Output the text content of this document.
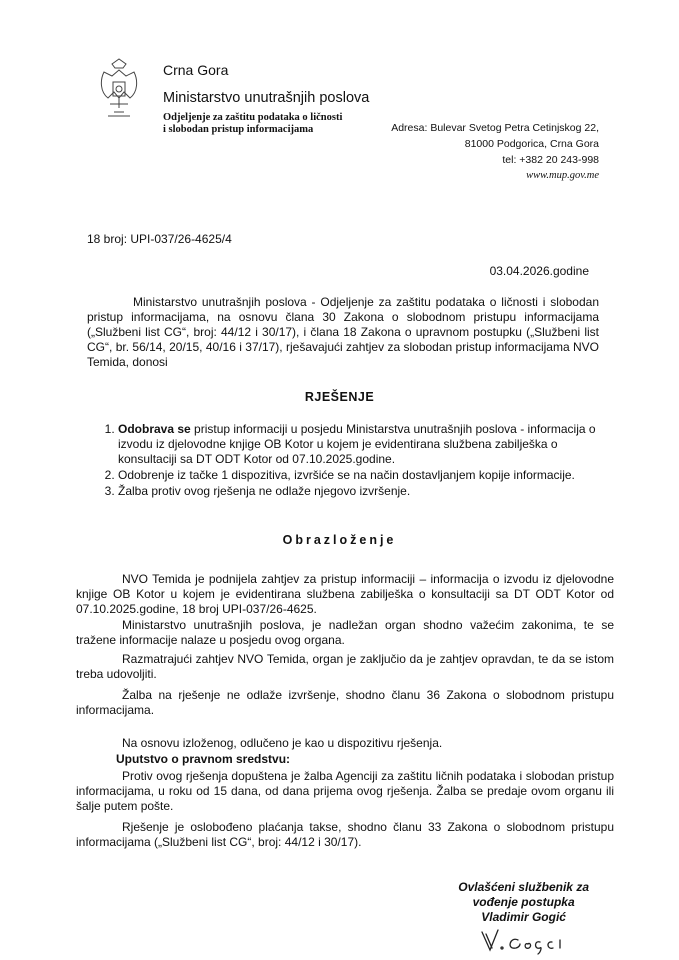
Crna Gora
Ministarstvo unutrašnjih poslova
Odjeljenje za zaštitu podataka o ličnosti
i slobodan pristup informacijama	Adresa: Bulevar Svetog Petra Cetinjskog 22,
81000 Podgorica, Crna Gora
tel: +382 20 243-998
www.mup.gov.me
18 broj: UPI-037/26-4625/4
03.04.2026.godine
Ministarstvo unutrašnjih poslova - Odjeljenje za zaštitu podataka o ličnosti i slobodan pristup informacijama, na osnovu člana 30 Zakona o slobodnom pristupu informacijama („Službeni list CG“, broj: 44/12 i 30/17), i člana 18 Zakona o upravnom postupku („Službeni list CG“, br. 56/14, 20/15, 40/16 i 37/17), rješavajući zahtjev za slobodan pristup informacijama NVO Temida, donosi
RJEŠENJE
1. Odobrava se pristup informaciji u posjedu Ministarstva unutrašnjih poslova - informacija o izvodu iz djelovodne knjige OB Kotor u kojem je evidentirana službena zabilješka o konsultaciji sa DT ODT Kotor od 07.10.2025.godine.
2. Odobrenje iz tačke 1 dispozitiva, izvršiće se na način dostavljanjem kopije informacije.
3. Žalba protiv ovog rješenja ne odlaže njegovo izvršenje.
Obrazloženje
NVO Temida je podnijela zahtjev za pristup informaciji – informacija o izvodu iz djelovodne knjige OB Kotor u kojem je evidentirana službena zabilješka o konsultaciji sa DT ODT Kotor od 07.10.2025.godine, 18 broj UPI-037/26-4625.
Ministarstvo unutrašnjih poslova, je nadležan organ shodno važećim zakonima, te se tražene informacije nalaze u posjedu ovog organa.
Razmatrajući zahtjev NVO Temida, organ je zaključio da je zahtjev opravdan, te da se istom treba udovoljiti.
Žalba na rješenje ne odlaže izvršenje, shodno članu 36 Zakona o slobodnom pristupu informacijama.
Na osnovu izloženog, odlučeno je kao u dispozitivu rješenja.
Uputstvo o pravnom sredstvu:
Protiv ovog rješenja dopuštena je žalba Agenciji za zaštitu ličnih podataka i slobodan pristup informacijama, u roku od 15 dana, od dana prijema ovog rješenja. Žalba se predaje ovom organu ili šalje putem pošte.
Rješenje je oslobođeno plaćanja takse, shodno članu 33 Zakona o slobodnom pristupu informacijama („Službeni list CG“, broj: 44/12 i 30/17).
Ovlašćeni službenik za
vođenje postupka
Vladimir Gogić
